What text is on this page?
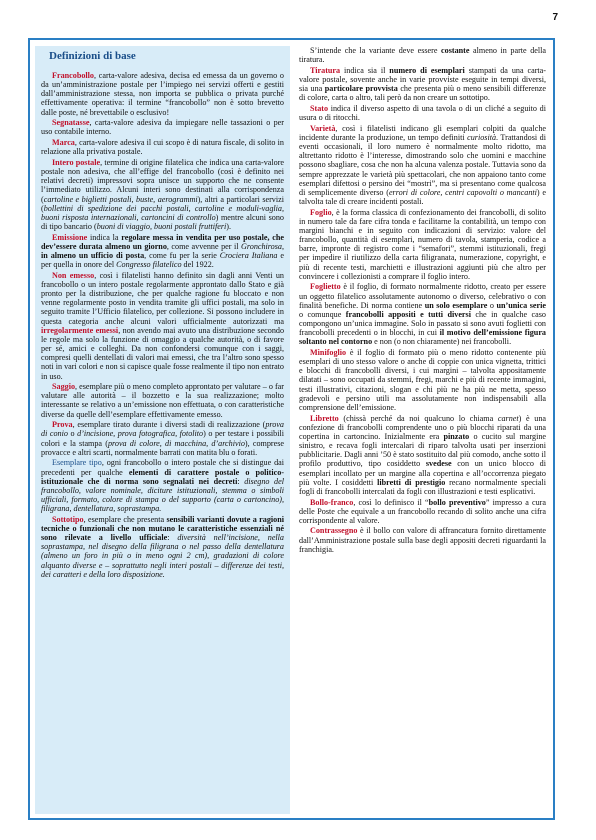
7
Definizioni di base

Francobollo, carta-valore adesiva, decisa ed emessa da un governo o da un’amministrazione postale per l’impiego nei servizi offerti e gestiti dall’amministrazione stessa, non importa se pubblica o privata purché effettivamente operativa: il termine “francobollo” non è sotto brevetto dalle poste, né brevettabile o esclusivo!

Segnatasse, carta-valore adesiva da impiegare nelle tassazioni o per uso contabile interno.

Marca, carta-valore adesiva il cui scopo è di natura fiscale, di solito in relazione alla privativa postale.

Intero postale, termine di origine filatelica che indica una carta-valore postale non adesiva, che all’effige del francobollo (così è definito nei relativi decreti) impressovi sopra unisce un supporto che ne consente l’immediato utilizzo. Alcuni interi sono destinati alla corrispondenza (cartoline e biglietti postali, buste, aerogrammi), altri a particolari servizi (bollettini di spedizione dei pacchi postali, cartoline e moduli-vaglia, buoni risposta internazionali, cartoncini di controllo) mentre alcuni sono di tipo bancario (buoni di viaggio, buoni postali fruttiferi).

Emissione indica la regolare messa in vendita per uso postale, che dev’essere durata almeno un giorno, come avvenne per il Gronchirosa, in almeno un ufficio di posta, come fu per la serie Crociera Italiana e per quella in onore del Congresso filatelico del 1922.

Non emesso, così i filatelisti hanno definito sin dagli anni Venti un francobollo o un intero postale regolarmente approntato dallo Stato e già pronto per la distribuzione, che per qualche ragione fu bloccato e non venne regolarmente posto in vendita tramite gli uffici postali, ma solo in seguito tramite l’Ufficio filatelico, per collezione. Si possono includere in questa categoria anche alcuni valori ufficialmente autorizzati ma irregolarmente emessi, non avendo mai avuto una distribuzione secondo le regole ma solo la funzione di omaggio a qualche autorità, o di favore per sé, amici e colleghi. Da non confondersi comunque con i saggi, compresi quelli dentellati di valori mai emessi, che tra l’altro sono spesso noti in vari colori e non si capisce quale fosse realmente il tipo non entrato in uso.

Saggio, esemplare più o meno completo approntato per valutare – o far valutare alle autorità – il bozzetto e la sua realizzazione; molto interessante se relativo a un’emissione non effettuata, o con caratteristiche diverse da quelle dell’esemplare effettivamente emesso.

Prova, esemplare tirato durante i diversi stadi di realizzazione (prova di conio o d’incisione, prova fotografica, fotolito) o per testare i possibili colori e la stampa (prova di colore, di macchina, d’archivio), comprese provacce e altri scarti, normalmente barrati con matita blu o forati.

Esemplare tipo, ogni francobollo o intero postale che si distingue dai precedenti per qualche elementi di carattere postale o politico-istituzionale che di norma sono segnalati nei decreti: disegno del francobollo, valore nominale, diciture istituzionali, stemma o simboli ufficiali, formato, colore di stampa o del supporto (carta o cartoncino), filigrana, dentellatura, soprastampa.

Sottotipo, esemplare che presenta sensibili varianti dovute a ragioni tecniche o funzionali che non mutano le caratteristiche essenziali né sono rilevate a livello ufficiale: diversità nell’incisione, nella soprastampa, nel disegno della filigrana o nel passo della dentellatura (almeno un foro in più o in meno ogni 2 cm), gradazioni di colore alquanto diverse e – soprattutto negli interi postali – differenze dei testi, dei caratteri e della loro disposizione.

S’intende che la variante deve essere costante almeno in parte della tiratura.

Tiratura indica sia il numero di esemplari stampati da una carta-valore postale, sovente anche in varie provviste eseguite in tempi diversi, sia una particolare provvista che presenta più o meno sensibili differenze di colore, carta o altro, tali però da non creare un sottotipo.

Stato indica il diverso aspetto di una tavola o di un cliché a seguito di usura o di ritocchi.

Varietà, così i filatelisti indicano gli esemplari colpiti da qualche incidente durante la produzione, un tempo definiti curiosità. Trattandosi di eventi occasionali, il loro numero è normalmente molto ridotto, ma altrettanto ridotto è l’interesse, dimostrando solo che uomini e macchine possono sbagliare, cosa che non ha alcuna valenza postale. Tuttavia sono da sempre apprezzate le varietà più spettacolari, che non appaiono tanto come esemplari difettosi o persino dei “mostri”, ma si presentano come qualcosa di semplicemente diverso (errori di colore, centri capovolti o mancanti) e talvolta tale di creare incidenti postali.

Foglio, è la forma classica di confezionamento dei francobolli, di solito in numero tale da fare cifra tonda e facilitarne la contabilità, un tempo con margini bianchi e in seguito con indicazioni di servizio: valore del francobollo, quantità di esemplari, numero di tavola, stamperia, codice a barre, impronte di registro come i “semafori”, stemmi istituzionali, fregi per impedire il riutilizzo della carta filigranata, numerazione, copyright, e più di recente testi, marchietti e illustrazioni aggiunti più che altro per convincere i collezionisti a comprare il foglio intero.

Foglietto è il foglio, di formato normalmente ridotto, creato per essere un oggetto filatelico assolutamente autonomo o diverso, celebrativo o con finalità benefiche. Di norma contiene un solo esemplare o un’unica serie o comunque francobolli appositi e tutti diversi che in qualche caso compongono un’unica immagine. Solo in passato si sono avuti foglietti con francobolli precedenti o in blocchi, in cui il motivo dell’emissione figura soltanto nel contorno e non (o non chiaramente) nei francobolli.

Minifoglio è il foglio di formato più o meno ridotto contenente più esemplari di uno stesso valore o anche di coppie con unica vignetta, trittici e blocchi di francobolli diversi, i cui margini – talvolta appositamente dilatati – sono occupati da stemmi, fregi, marchi e più di recente immagini, testi illustrativi, citazioni, slogan e chi più ne ha più ne metta, spesso gradevoli e persino utili ma assolutamente non indispensabili alla comprensione dell’emissione.

Libretto (chissà perché da noi qualcuno lo chiama carnet) è una confezione di francobolli comprendente uno o più blocchi riparati da una copertina in cartoncino. Inizialmente era pinzato o cucito sul margine sinistro, e recava fogli intercalari di riparo talvolta usati per inserzioni pubblicitarie. Dagli anni ’50 è stato sostituito dal più comodo, anche sotto il profilo produttivo, tipo cosiddetto svedese con un unico blocco di esemplari incollato per un margine alla copertina e all’occorrenza piegato più volte. I cosiddetti libretti di prestigio recano normalmente speciali fogli di francobolli intercalati da fogli con illustrazioni e testi esplicativi.

Bollo-franco, così lo definisco il “bollo preventivo” impresso a cura delle Poste che equivale a un francobollo recando di solito anche una cifra corrispondente al valore.

Contrassegno è il bollo con valore di affrancatura fornito direttamente dall’Amministrazione postale sulla base degli appositi decreti riguardanti la franchigia.
